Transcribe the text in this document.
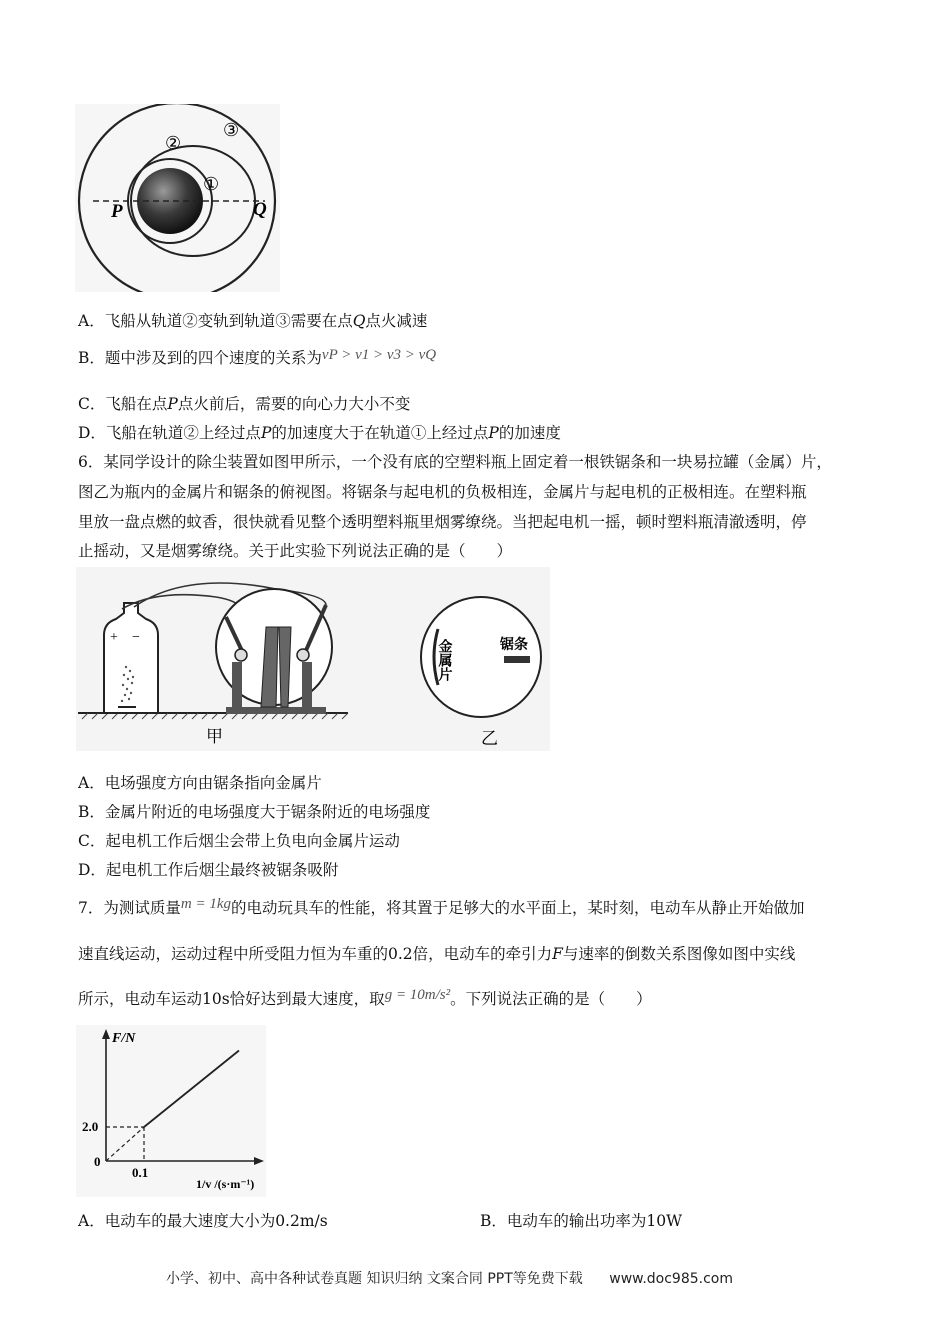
②
③
①
P	Q
A．飞船从轨道②变轨到轨道③需要在点Q点火减速
B．题中涉及到的四个速度的关系为vP > v1 > v3 > vQ
C．飞船在点P点火前后，需要的向心力大小不变
D．飞船在轨道②上经过点P的加速度大于在轨道①上经过点P的加速度
6．某同学设计的除尘装置如图甲所示，一个没有底的空塑料瓶上固定着一根铁锯条和一块易拉罐（金属）片，
图乙为瓶内的金属片和锯条的俯视图。将锯条与起电机的负极相连，金属片与起电机的正极相连。在塑料瓶
里放一盘点燃的蚊香，很快就看见整个透明塑料瓶里烟雾缭绕。当把起电机一摇，顿时塑料瓶清澈透明，停
止摇动，又是烟雾缭绕。关于此实验下列说法正确的是（　　）
+ −
甲
金属片	锯条
乙
A．电场强度方向由锯条指向金属片
B．金属片附近的电场强度大于锯条附近的电场强度
C．起电机工作后烟尘会带上负电向金属片运动
D．起电机工作后烟尘最终被锯条吸附
7．为测试质量m = 1kg的电动玩具车的性能，将其置于足够大的水平面上，某时刻，电动车从静止开始做加
速直线运动，运动过程中所受阻力恒为车重的0.2倍，电动车的牵引力F与速率的倒数关系图像如图中实线
所示，电动车运动10s恰好达到最大速度，取g = 10m/s²。下列说法正确的是（　　）
F/N
1/v /(s·m⁻¹)
0
2.0
0.1
A．电动车的最大速度大小为0.2m/s	B．电动车的输出功率为10W
小学、初中、高中各种试卷真题 知识归纳 文案合同 PPT等免费下载 www.doc985.com
